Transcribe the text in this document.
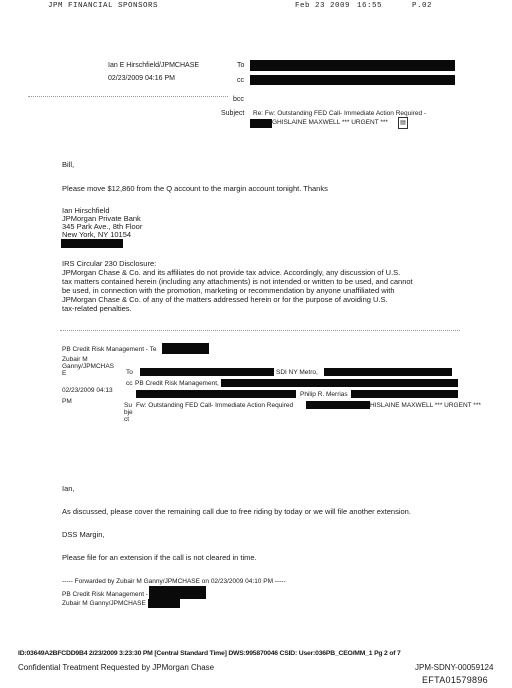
JPM FINANCIAL SPONSORS	Feb 23 2009 16:55	P.02
Ian E Hirschfield/JPMCHASE
02/23/2009 04:16 PM
To
cc
bcc
Subject Re: Fw: Outstanding FED Call- Immediate Action Required -
GHISLAINE MAXWELL *** URGENT ***	▤
Bill,
Please move $12,860 from the Q account to the margin account tonight. Thanks
Ian Hirschfield
JPMorgan Private Bank
345 Park Ave., 8th Floor
New York, NY 10154
IRS Circular 230 Disclosure:
JPMorgan Chase & Co. and its affiliates do not provide tax advice. Accordingly, any discussion of U.S.
tax matters contained herein (including any attachments) is not intended or written to be used, and cannot
be used, in connection with the promotion, marketing or recommendation by anyone unaffiliated with
JPMorgan Chase & Co. of any of the matters addressed herein or for the purpose of avoiding U.S.
tax-related penalties.
PB Credit Risk Management - Te
Zubair M
Ganny/JPMCHAS
E	To	SDI NY Metro,
cc PB Credit Risk Management,
02/23/2009 04:13
Philip R. Merrias
PM
Su
bje
ct
Fw: Outstanding FED Call- Immediate Action Required	HISLAINE MAXWELL *** URGENT ***
Ian,
As discussed, please cover the remaining call due to free riding by today or we will file another extension.
DSS Margin,
Please file for an extension if the call is not cleared in time.
----- Forwarded by Zubair M Ganny/JPMCHASE on 02/23/2009 04:10 PM -----
PB Credit Risk Management -
Zubair M Ganny/JPMCHASE
ID:03649A2BFCDD9B4 2/23/2009 3:23:30 PM [Central Standard Time] DWS:995870046 CSID: User:036PB_CEO/MM_1 Pg 2 of 7
Confidential Treatment Requested by JPMorgan Chase	JPM-SDNY-00059124
EFTA01579896
